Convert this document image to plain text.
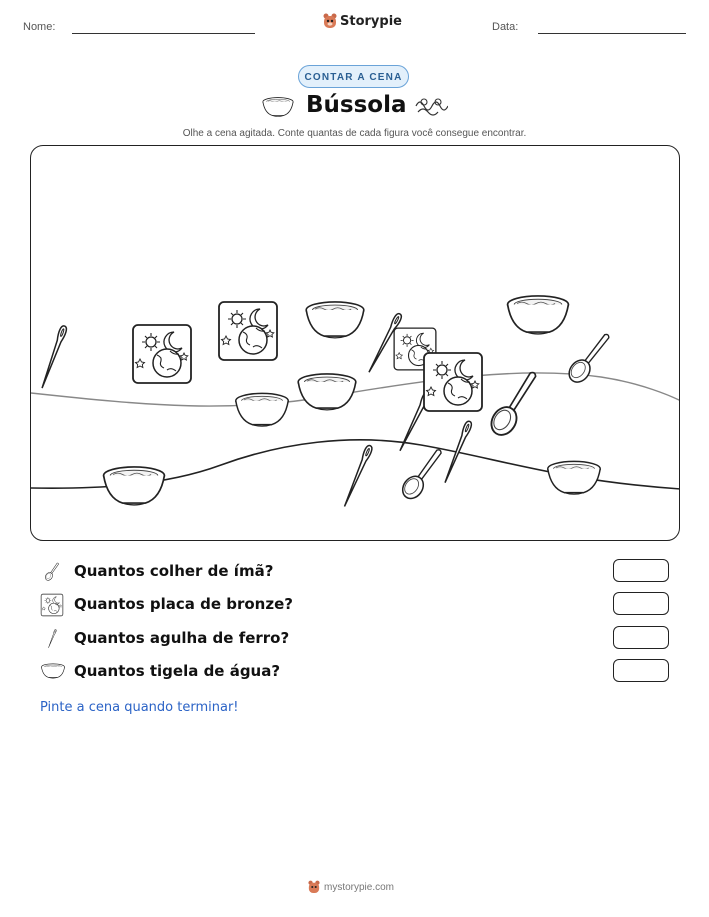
Nome:	Storypie	Data:
CONTAR A CENA
Bússola
Olhe a cena agitada. Conte quantas de cada figura você consegue encontrar.
Quantos colher de ímã?
Quantos placa de bronze?
Quantos agulha de ferro?
Quantos tigela de água?
Pinte a cena quando terminar!
mystorypie.com
